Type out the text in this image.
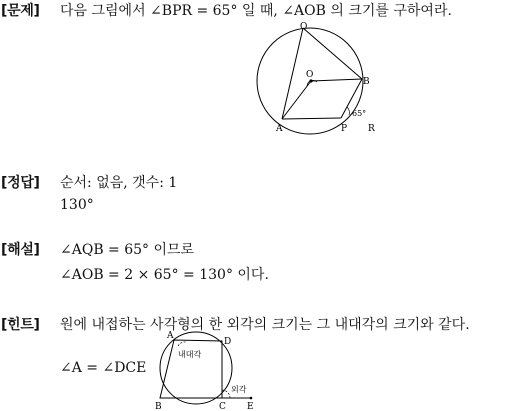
[문제] 다음 그림에서 ∠BPR = 65° 일 때, ∠AOB 의 크기를 구하여라.
Q
O
B
A	P R
65°
[정답] 순서: 없음, 갯수: 1
130°
[해설] ∠AQB = 65° 이므로
∠AOB = 2 × 65° = 130° 이다.
[힌트] 원에 내접하는 사각형의 한 외각의 크기는 그 내대각의 크기와 같다.
∠A = ∠DCE
A
D
B	C E
내대각
외각
